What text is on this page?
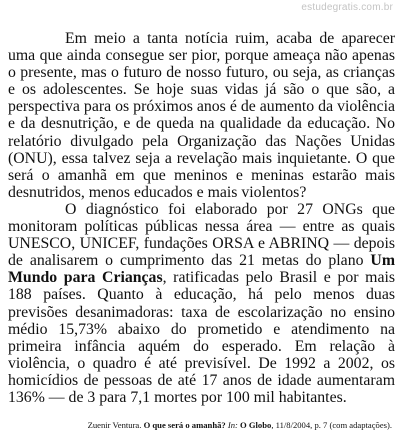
estudegratis.com.br

Em meio a tanta notícia ruim, acaba de aparecer uma que ainda consegue ser pior, porque ameaça não apenas o presente, mas o futuro de nosso futuro, ou seja, as crianças e os adolescentes. Se hoje suas vidas já são o que são, a perspectiva para os próximos anos é de aumento da violência e da desnutrição, e de queda na qualidade da educação. No relatório divulgado pela Organização das Nações Unidas (ONU), essa talvez seja a revelação mais inquietante. O que será o amanhã em que meninos e meninas estarão mais desnutridos, menos educados e mais violentos?

O diagnóstico foi elaborado por 27 ONGs que monitoram políticas públicas nessa área — entre as quais UNESCO, UNICEF, fundações ORSA e ABRINQ — depois de analisarem o cumprimento das 21 metas do plano Um Mundo para Crianças, ratificadas pelo Brasil e por mais 188 países. Quanto à educação, há pelo menos duas previsões desanimadoras: taxa de escolarização no ensino médio 15,73% abaixo do prometido e atendimento na primeira infância aquém do esperado. Em relação à violência, o quadro é até previsível. De 1992 a 2002, os homicídios de pessoas de até 17 anos de idade aumentaram 136% — de 3 para 7,1 mortes por 100 mil habitantes.

Zuenir Ventura. O que será o amanhã? In: O Globo, 11/8/2004, p. 7 (com adaptações).
